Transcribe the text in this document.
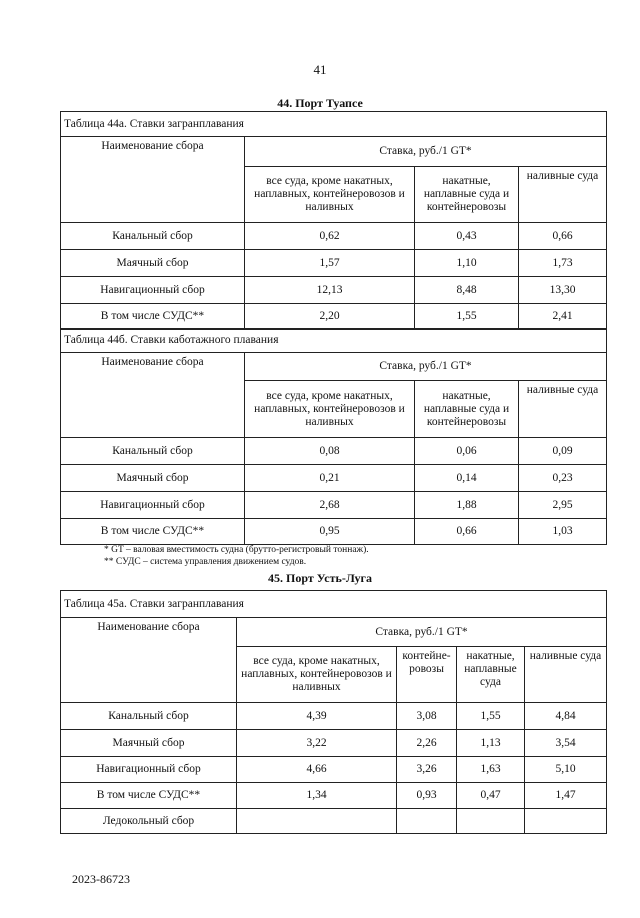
41
44. Порт Туапсе
Таблица 44а. Ставки загранплавания			
Наименование сбора	Ставка, руб./1 GT*		
	все суда, кроме накатных, наплавных, контейнеровозов и наливных	накатные, наплавные суда и контейнеровозы	наливные суда
Канальный сбор	0,62	0,43	0,66
Маячный сбор	1,57	1,10	1,73
Навигационный сбор	12,13	8,48	13,30
В том числе СУДС**	2,20	1,55	2,41
Таблица 44б. Ставки каботажного плавания			
Наименование сбора	Ставка, руб./1 GT*		
	все суда, кроме накатных, наплавных, контейнеровозов и наливных	накатные, наплавные суда и контейнеровозы	наливные суда
Канальный сбор	0,08	0,06	0,09
Маячный сбор	0,21	0,14	0,23
Навигационный сбор	2,68	1,88	2,95
В том числе СУДС**	0,95	0,66	1,03
* GT – валовая вместимость судна (брутто-регистровый тоннаж).
** СУДС – система управления движением судов.
45. Порт Усть-Луга
Таблица 45а. Ставки загранплавания				
Наименование сбора	Ставка, руб./1 GT*			
	все суда, кроме накатных, наплавных, контейнеровозов и наливных	контейне-ровозы	накатные, наплавные суда	наливные суда
Канальный сбор	4,39	3,08	1,55	4,84
Маячный сбор	3,22	2,26	1,13	3,54
Навигационный сбор	4,66	3,26	1,63	5,10
В том числе СУДС**	1,34	0,93	0,47	1,47
Ледокольный сбор				
2023-86723
